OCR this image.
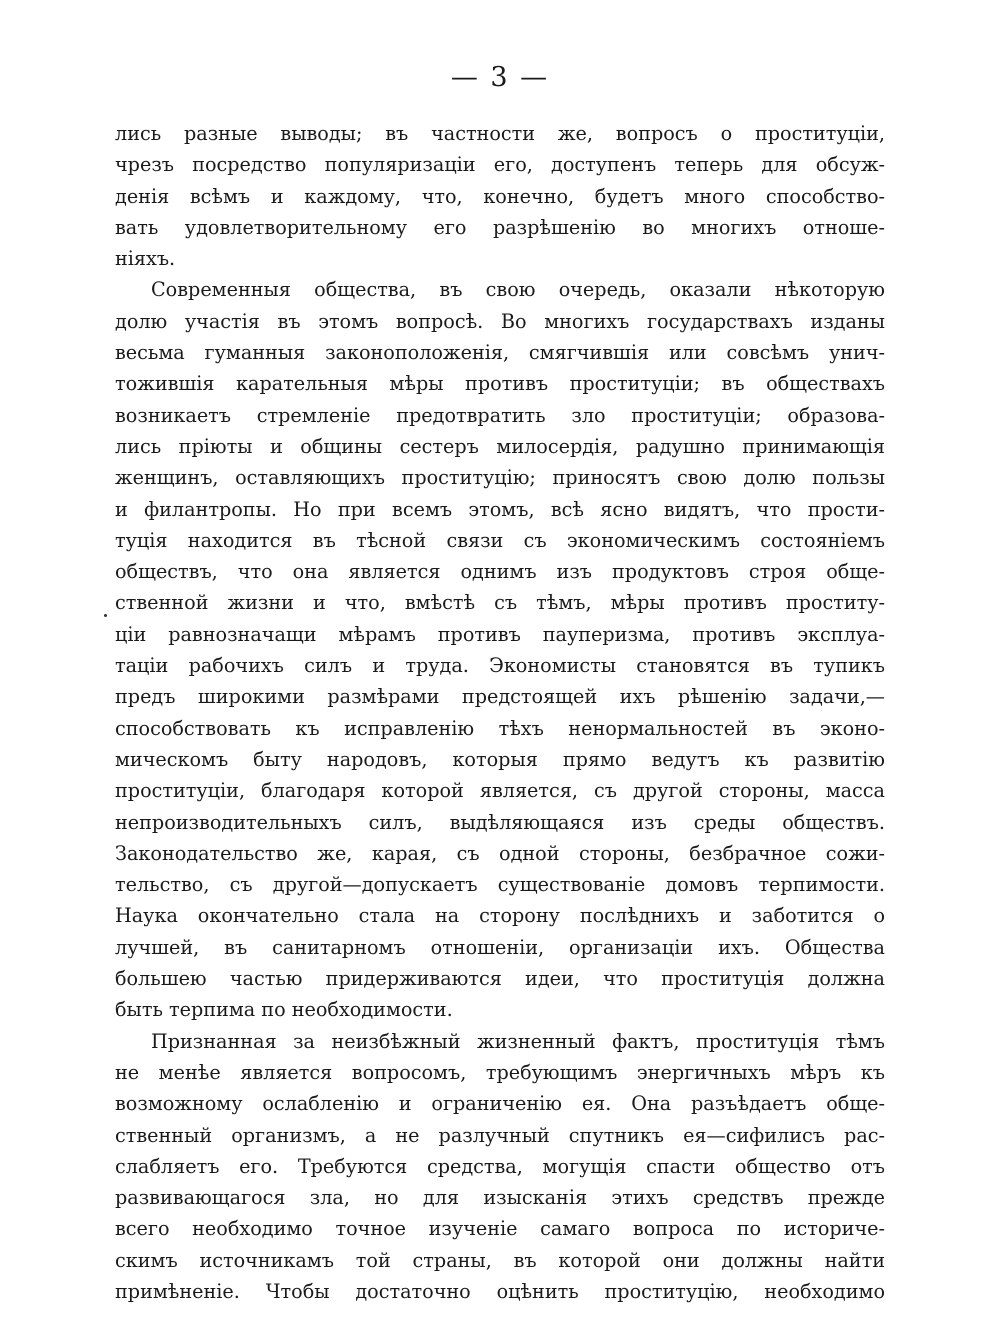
— 3 —
лись разные выводы; въ частности же, вопросъ о проституціи,
чрезъ посредство популяризаціи его, доступенъ теперь для обсуж-
денія всѣмъ и каждому, что, конечно, будетъ много способство-
вать удовлетворительному его разрѣшенію во многихъ отноше-
ніяхъ.
Современныя общества, въ свою очередь, оказали нѣкоторую
долю участія въ этомъ вопросѣ. Во многихъ государствахъ изданы
весьма гуманныя законоположенія, смягчившія или совсѣмъ унич-
тожившія карательныя мѣры противъ проституціи; въ обществахъ
возникаетъ стремленіе предотвратить зло проституціи; образова-
лись пріюты и общины сестеръ милосердія, радушно принимающія
женщинъ, оставляющихъ проституцію; приносятъ свою долю пользы
и филантропы. Но при всемъ этомъ, всѣ ясно видятъ, что прости-
туція находится въ тѣсной связи съ экономическимъ состояніемъ
обществъ, что она является однимъ изъ продуктовъ строя обще-
ственной жизни и что, вмѣстѣ съ тѣмъ, мѣры противъ проститу-
ціи равнозначащи мѣрамъ противъ пауперизма, противъ эксплуа-
таціи рабочихъ силъ и труда. Экономисты становятся въ тупикъ
предъ широкими размѣрами предстоящей ихъ рѣшенію задачи,—
способствовать къ исправленію тѣхъ ненормальностей въ эконо-
мическомъ быту народовъ, которыя прямо ведутъ къ развитію
проституціи, благодаря которой является, съ другой стороны, масса
непроизводительныхъ силъ, выдѣляющаяся изъ среды обществъ.
Законодательство же, карая, съ одной стороны, безбрачное сожи-
тельство, съ другой—допускаетъ существованіе домовъ терпимости.
Наука окончательно стала на сторону послѣднихъ и заботится о
лучшей, въ санитарномъ отношеніи, организаціи ихъ. Общества
большею частью придерживаются идеи, что проституція должна
быть терпима по необходимости.
Признанная за неизбѣжный жизненный фактъ, проституція тѣмъ
не менѣе является вопросомъ, требующимъ энергичныхъ мѣръ къ
возможному ослабленію и ограниченію ея. Она разъѣдаетъ обще-
ственный организмъ, а не разлучный спутникъ ея—сифилисъ рас-
слабляетъ его. Требуются средства, могущія спасти общество отъ
развивающагося зла, но для изысканія этихъ средствъ прежде
всего необходимо точное изученіе самаго вопроса по историче-
скимъ источникамъ той страны, въ которой они должны найти
примѣненіе. Чтобы достаточно оцѣнить проституцію, необходимо
